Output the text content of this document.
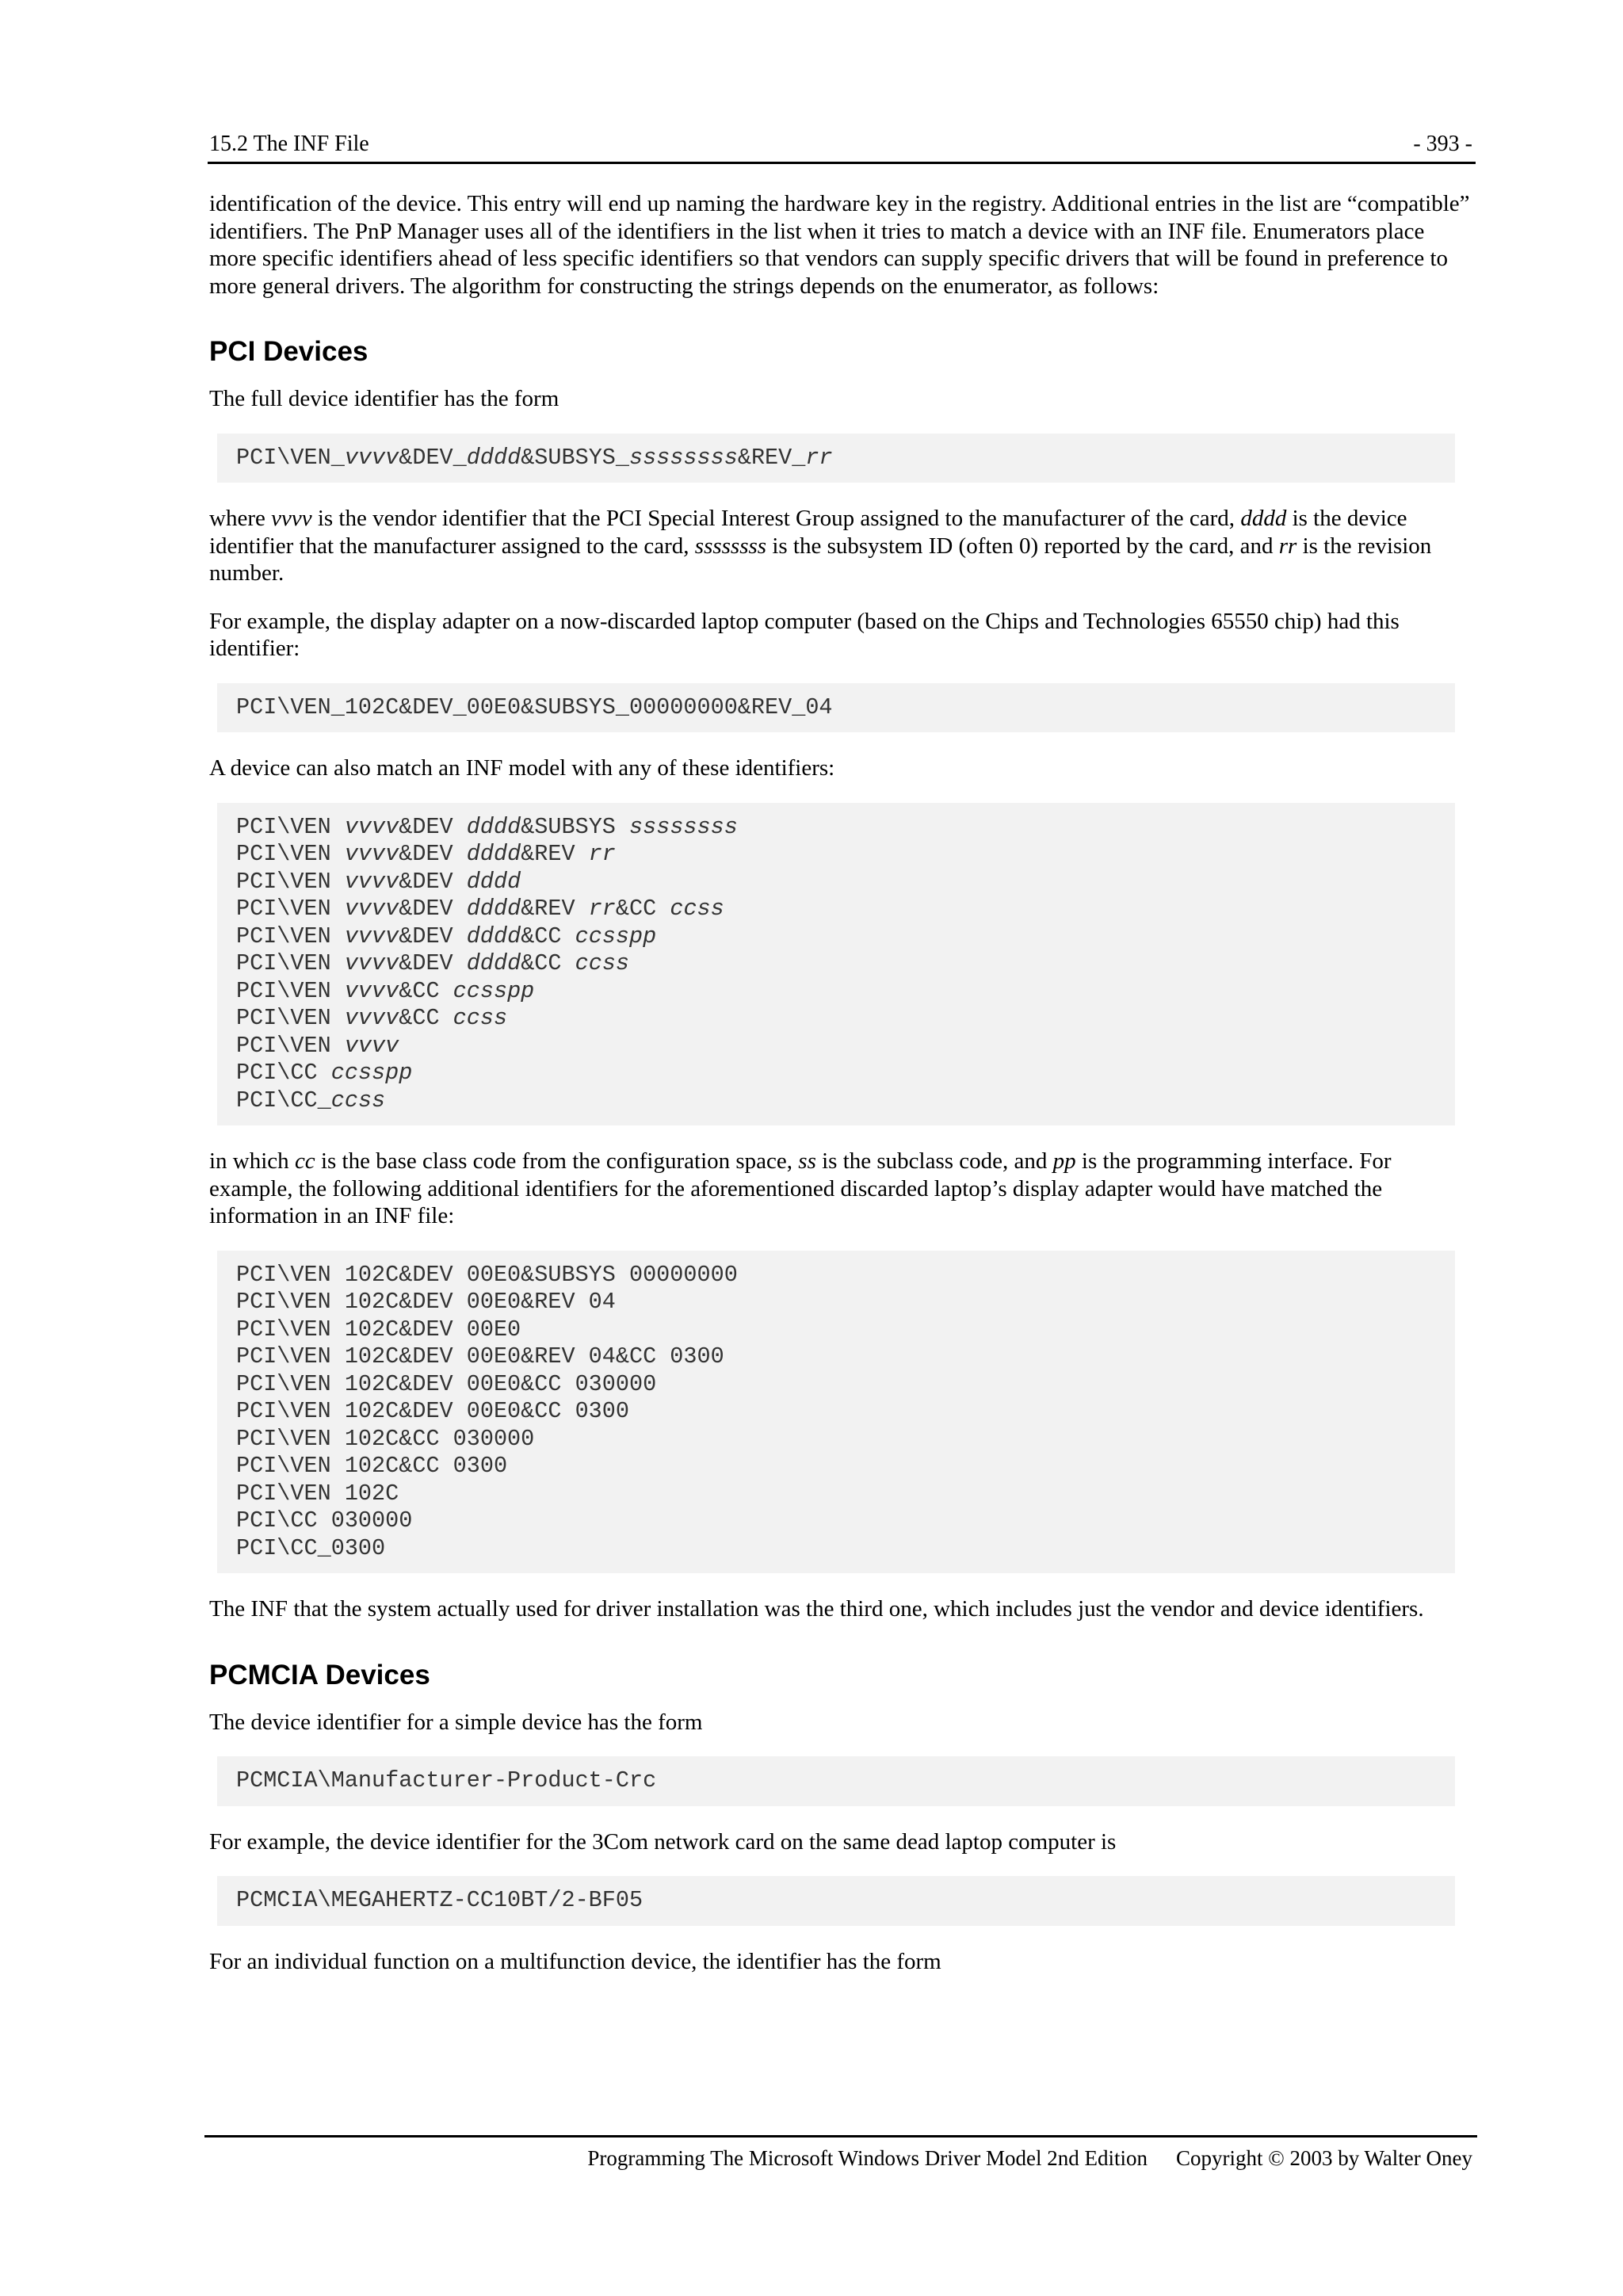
15.2 The INF File	- 393 -

identification of the device. This entry will end up naming the hardware key in the registry. Additional entries in the list are “compatible” identifiers. The PnP Manager uses all of the identifiers in the list when it tries to match a device with an INF file. Enumerators place more specific identifiers ahead of less specific identifiers so that vendors can supply specific drivers that will be found in preference to more general drivers. The algorithm for constructing the strings depends on the enumerator, as follows:

PCI Devices

The full device identifier has the form

PCI\VEN_vvvv&DEV_dddd&SUBSYS_ssssssss&REV_rr

where vvvv is the vendor identifier that the PCI Special Interest Group assigned to the manufacturer of the card, dddd is the device identifier that the manufacturer assigned to the card, ssssssss is the subsystem ID (often 0) reported by the card, and rr is the revision number.

For example, the display adapter on a now-discarded laptop computer (based on the Chips and Technologies 65550 chip) had this identifier:

PCI\VEN_102C&DEV_00E0&SUBSYS_00000000&REV_04

A device can also match an INF model with any of these identifiers:

PCI\VEN vvvv&DEV dddd&SUBSYS ssssssss
PCI\VEN vvvv&DEV dddd&REV rr
PCI\VEN vvvv&DEV dddd
PCI\VEN vvvv&DEV dddd&REV rr&CC ccss
PCI\VEN vvvv&DEV dddd&CC ccsspp
PCI\VEN vvvv&DEV dddd&CC ccss
PCI\VEN vvvv&CC ccsspp
PCI\VEN vvvv&CC ccss
PCI\VEN vvvv
PCI\CC ccsspp
PCI\CC_ccss

in which cc is the base class code from the configuration space, ss is the subclass code, and pp is the programming interface. For example, the following additional identifiers for the aforementioned discarded laptop’s display adapter would have matched the information in an INF file:

PCI\VEN 102C&DEV 00E0&SUBSYS 00000000
PCI\VEN 102C&DEV 00E0&REV 04
PCI\VEN 102C&DEV 00E0
PCI\VEN 102C&DEV 00E0&REV 04&CC 0300
PCI\VEN 102C&DEV 00E0&CC 030000
PCI\VEN 102C&DEV 00E0&CC 0300
PCI\VEN 102C&CC 030000
PCI\VEN 102C&CC 0300
PCI\VEN 102C
PCI\CC 030000
PCI\CC_0300

The INF that the system actually used for driver installation was the third one, which includes just the vendor and device identifiers.

PCMCIA Devices

The device identifier for a simple device has the form

PCMCIA\Manufacturer-Product-Crc

For example, the device identifier for the 3Com network card on the same dead laptop computer is

PCMCIA\MEGAHERTZ-CC10BT/2-BF05

For an individual function on a multifunction device, the identifier has the form

Programming The Microsoft Windows Driver Model 2nd Edition Copyright © 2003 by Walter Oney
